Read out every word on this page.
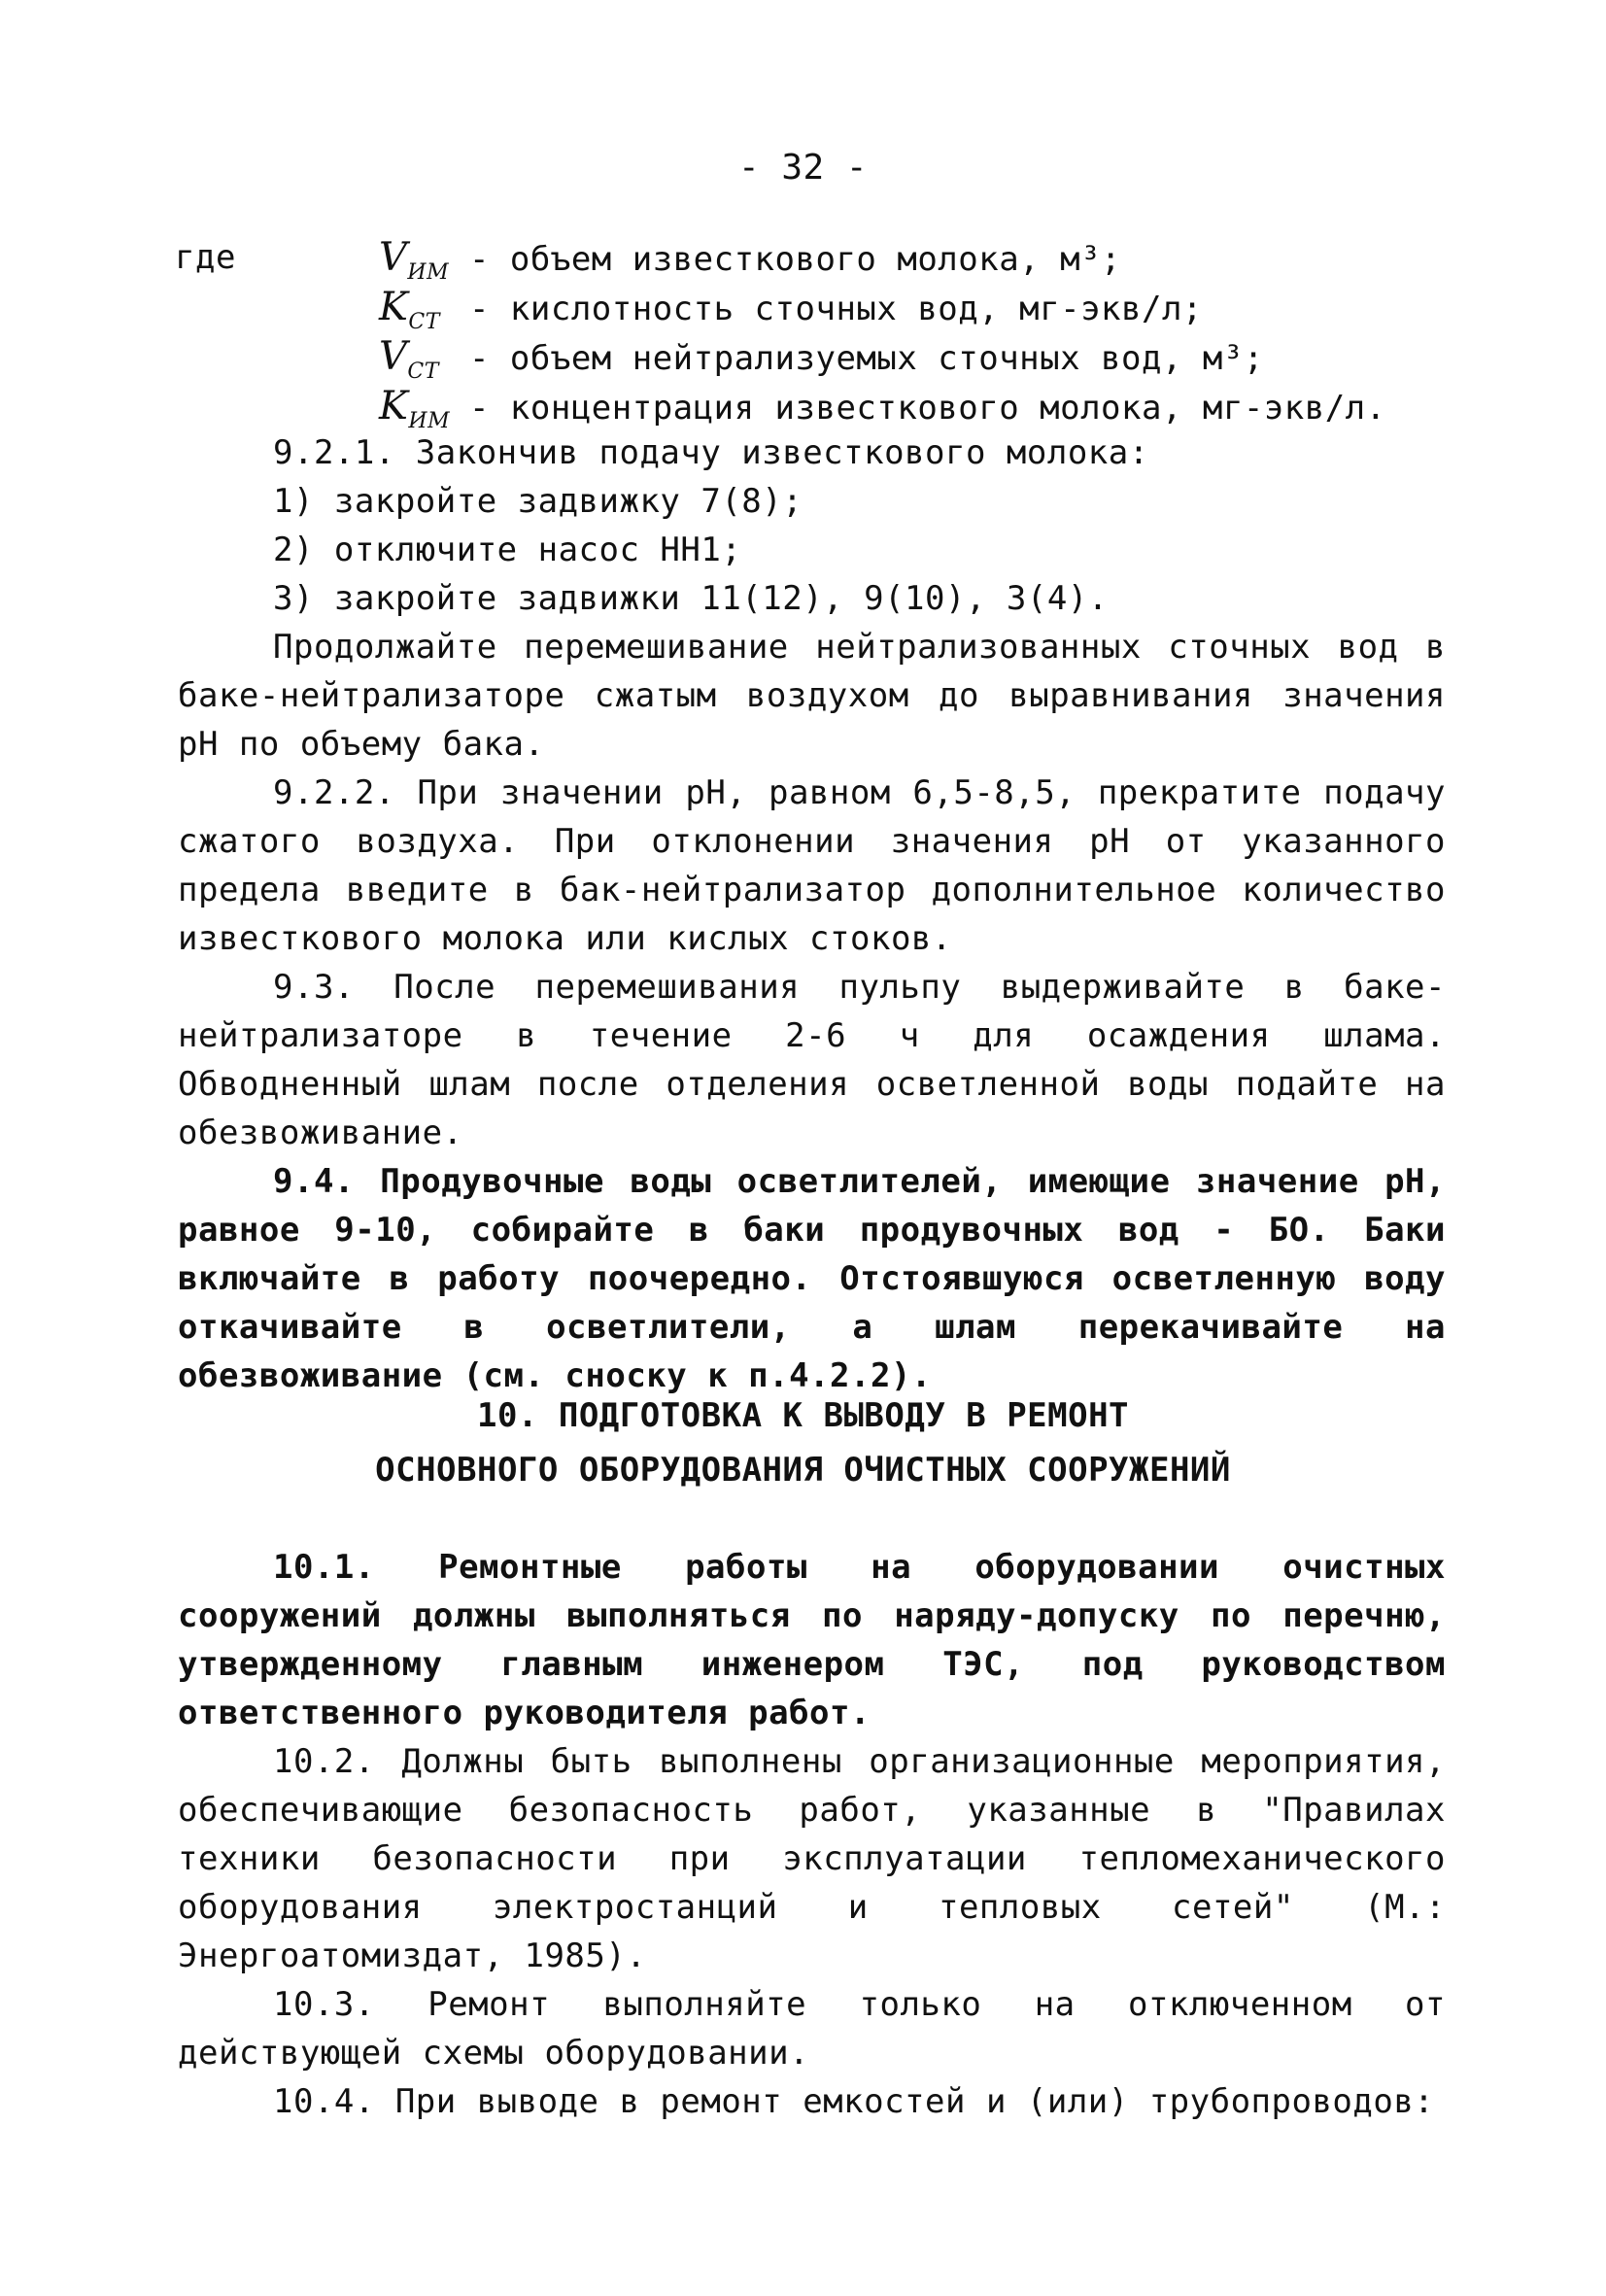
- 32 -
где	$V_{ИМ}$ - объем известкового молока, м³;
$K_{СТ}$ - кислотность сточных вод, мг-экв/л;
$V_{СТ}$ - объем нейтрализуемых сточных вод, м³;
$K_{ИМ}$ - концентрация известкового молока, мг-экв/л.

9.2.1. Закончив подачу известкового молока:

1) закройте задвижку 7(8);

2) отключите насос НН1;

3) закройте задвижки 11(12), 9(10), 3(4).

Продолжайте перемешивание нейтрализованных сточных вод в баке-нейтрализаторе сжатым воздухом до выравнивания значения рН по объему бака.

9.2.2. При значении рН, равном 6,5-8,5, прекратите подачу сжатого воздуха. При отклонении значения рН от указанного предела введите в бак-нейтрализатор дополнительное количество известкового молока или кислых стоков.

9.3. После перемешивания пульпу выдерживайте в баке-нейтрализаторе в течение 2-6 ч для осаждения шлама. Обводненный шлам после отделения осветленной воды подайте на обезвоживание.

9.4. Продувочные воды осветлителей, имеющие значение рН, равное 9-10, собирайте в баки продувочных вод - БО. Баки включайте в работу поочередно. Отстоявшуюся осветленную воду откачивайте в осветлители, а шлам перекачивайте на обезвоживание (см. сноску к п.4.2.2).

10. ПОДГОТОВКА К ВЫВОДУ В РЕМОНТ
ОСНОВНОГО ОБОРУДОВАНИЯ ОЧИСТНЫХ СООРУЖЕНИЙ

10.1. Ремонтные работы на оборудовании очистных сооружений должны выполняться по наряду-допуску по перечню, утвержденному главным инженером ТЭС, под руководством ответственного руководителя работ.

10.2. Должны быть выполнены организационные мероприятия, обеспечивающие безопасность работ, указанные в "Правилах техники безопасности при эксплуатации тепломеханического оборудования электростанций и тепловых сетей" (М.: Энергоатомиздат, 1985).

10.3. Ремонт выполняйте только на отключенном от действующей схемы оборудовании.

10.4. При выводе в ремонт емкостей и (или) трубопроводов:
